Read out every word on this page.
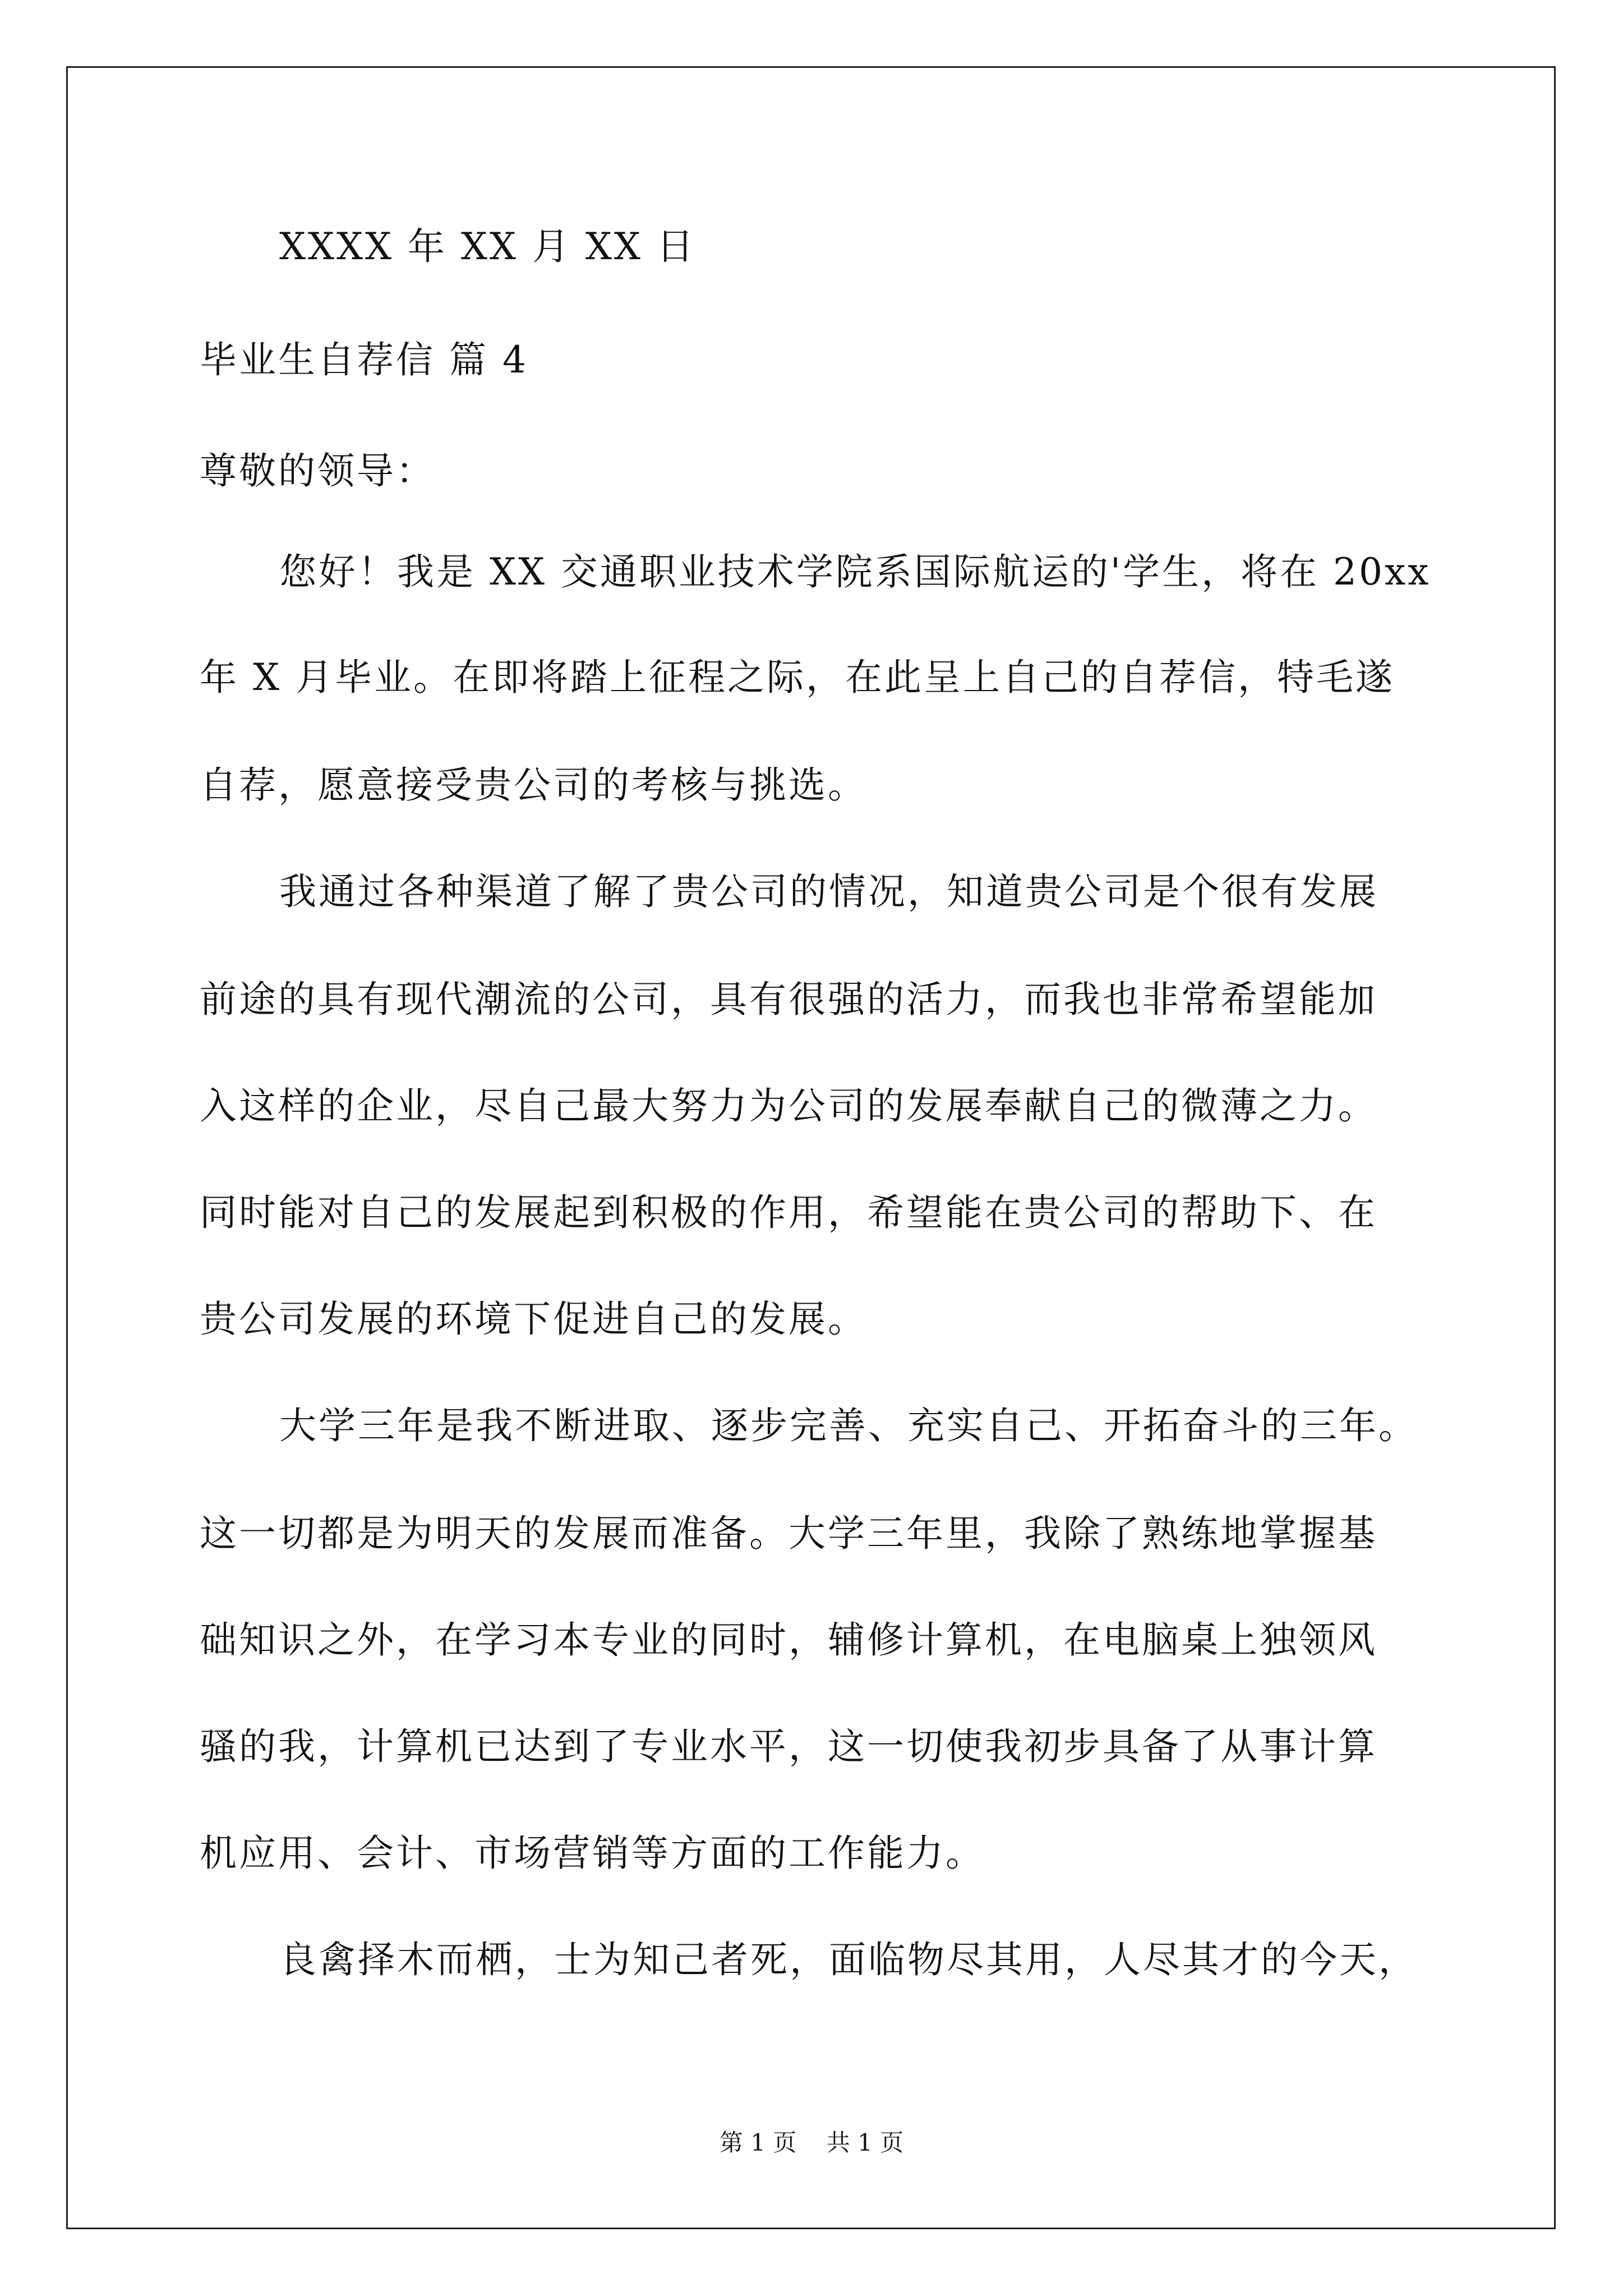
XXXX 年 XX 月 XX 日
毕业生自荐信 篇 4
尊敬的领导：
您好！我是 XX 交通职业技术学院系国际航运的'学生，将在 20xx
年 X 月毕业。在即将踏上征程之际，在此呈上自己的自荐信，特毛遂
自荐，愿意接受贵公司的考核与挑选。
我通过各种渠道了解了贵公司的情况，知道贵公司是个很有发展
前途的具有现代潮流的公司，具有很强的活力，而我也非常希望能加
入这样的企业，尽自己最大努力为公司的发展奉献自己的微薄之力。
同时能对自己的发展起到积极的作用，希望能在贵公司的帮助下、在
贵公司发展的环境下促进自己的发展。
大学三年是我不断进取、逐步完善、充实自己、开拓奋斗的三年。
这一切都是为明天的发展而准备。大学三年里，我除了熟练地掌握基
础知识之外，在学习本专业的同时，辅修计算机，在电脑桌上独领风
骚的我，计算机已达到了专业水平，这一切使我初步具备了从事计算
机应用、会计、市场营销等方面的工作能力。
良禽择木而栖，士为知己者死，面临物尽其用，人尽其才的今天，
第 1 页    共 1 页
